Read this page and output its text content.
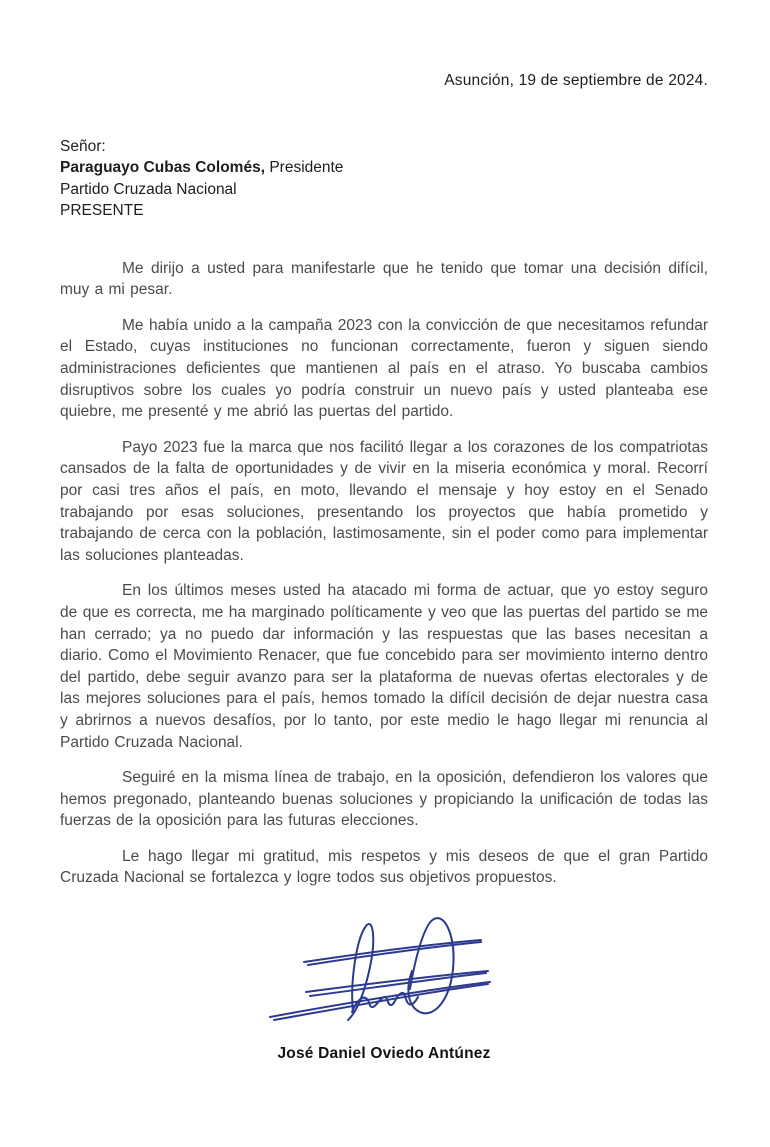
Asunción, 19 de septiembre de 2024.
Señor:
Paraguayo Cubas Colomés, Presidente
Partido Cruzada Nacional
PRESENTE

Me dirijo a usted para manifestarle que he tenido que tomar una decisión difícil, muy a mi pesar.

Me había unido a la campaña 2023 con la convicción de que necesitamos refundar el Estado, cuyas instituciones no funcionan correctamente, fueron y siguen siendo administraciones deficientes que mantienen al país en el atraso. Yo buscaba cambios disruptivos sobre los cuales yo podría construir un nuevo país y usted planteaba ese quiebre, me presenté y me abrió las puertas del partido.

Payo 2023 fue la marca que nos facilitó llegar a los corazones de los compatriotas cansados de la falta de oportunidades y de vivir en la miseria económica y moral. Recorrí por casi tres años el país, en moto, llevando el mensaje y hoy estoy en el Senado trabajando por esas soluciones, presentando los proyectos que había prometido y trabajando de cerca con la población, lastimosamente, sin el poder como para implementar las soluciones planteadas.

En los últimos meses usted ha atacado mi forma de actuar, que yo estoy seguro de que es correcta, me ha marginado políticamente y veo que las puertas del partido se me han cerrado; ya no puedo dar información y las respuestas que las bases necesitan a diario. Como el Movimiento Renacer, que fue concebido para ser movimiento interno dentro del partido, debe seguir avanzo para ser la plataforma de nuevas ofertas electorales y de las mejores soluciones para el país, hemos tomado la difícil decisión de dejar nuestra casa y abrirnos a nuevos desafíos, por lo tanto, por este medio le hago llegar mi renuncia al Partido Cruzada Nacional.

Seguiré en la misma línea de trabajo, en la oposición, defendieron los valores que hemos pregonado, planteando buenas soluciones y propiciando la unificación de todas las fuerzas de la oposición para las futuras elecciones.

Le hago llegar mi gratitud, mis respetos y mis deseos de que el gran Partido Cruzada Nacional se fortalezca y logre todos sus objetivos propuestos.

José Daniel Oviedo Antúnez
